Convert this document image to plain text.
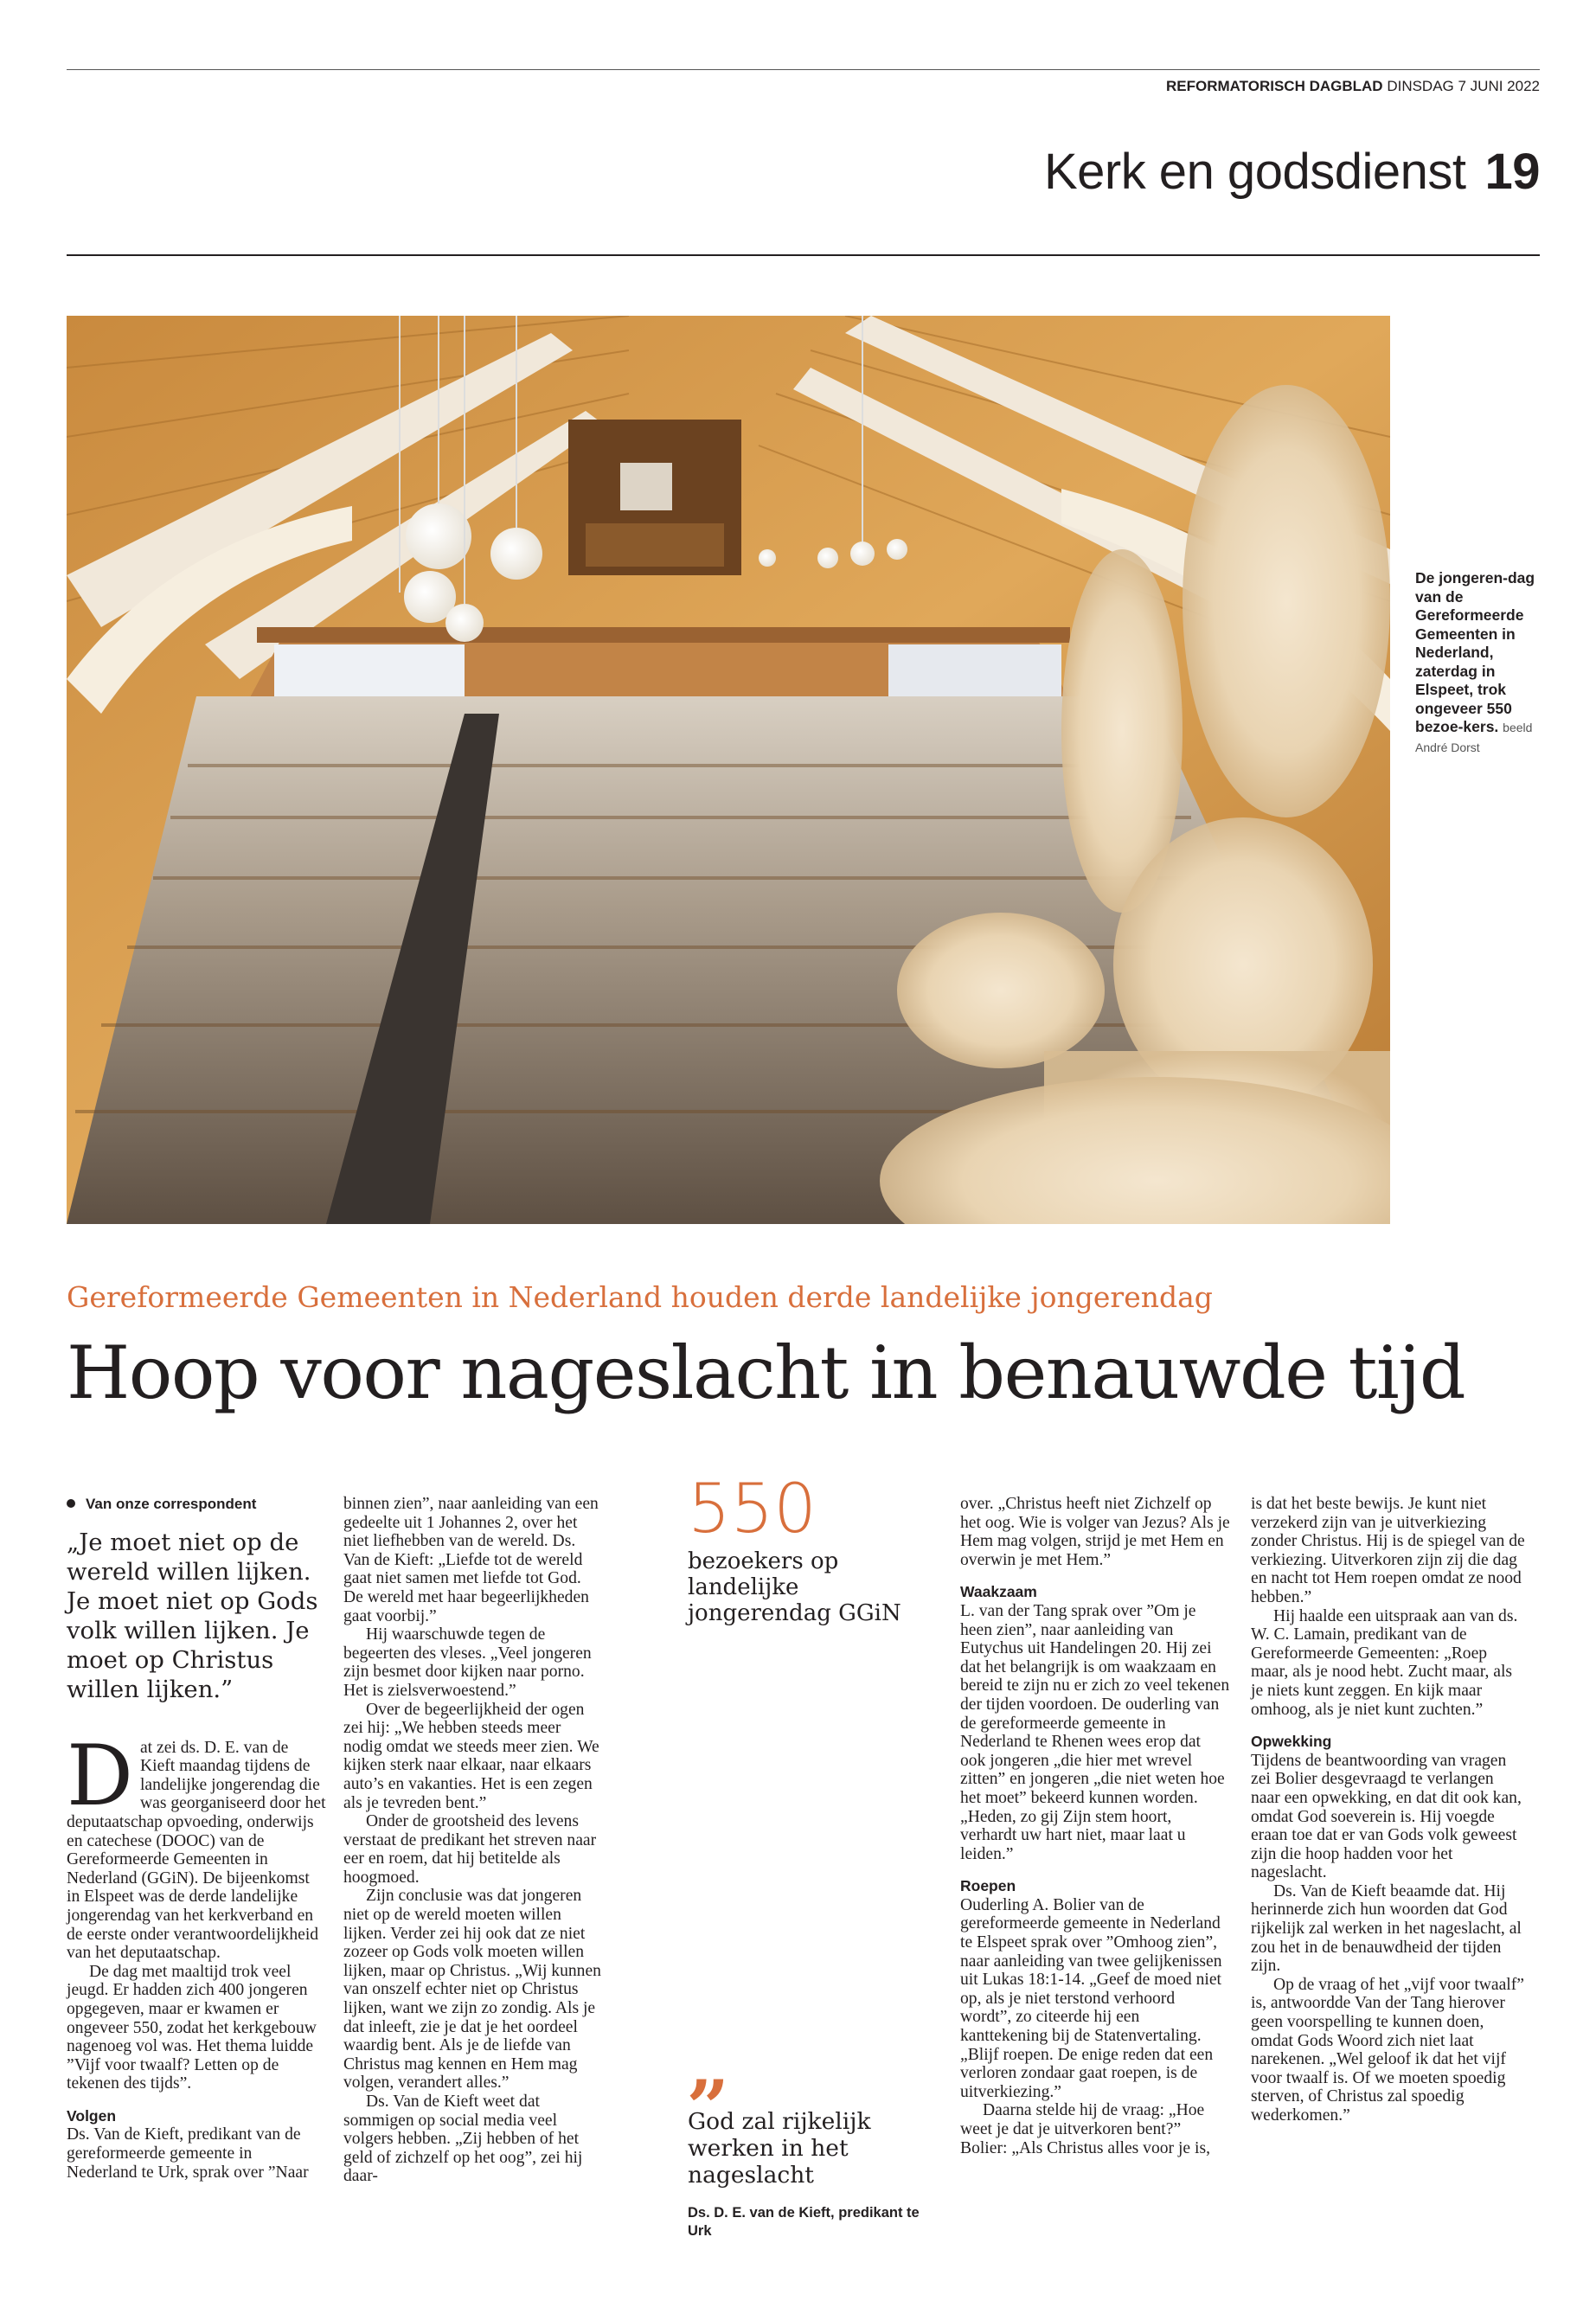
REFORMATORISCH DAGBLAD DINSDAG 7 JUNI 2022
Kerk en godsdienst 19
De jongeren-dag van de Gereformeerde Gemeenten in Nederland, zaterdag in Elspeet, trok ongeveer 550 bezoe-kers. beeld André Dorst
Gereformeerde Gemeenten in Nederland houden derde landelijke jongerendag
Hoop voor nageslacht in benauwde tijd
Van onze correspondent
„Je moet niet op de wereld willen lijken. Je moet niet op Gods volk willen lijken. Je moet op Christus willen lijken.”
D at zei ds. D. E. van de Kieft maandag tijdens de landelijke jongerendag die was georganiseerd door het deputaatschap opvoeding, onderwijs en catechese (DOOC) van de Gereformeerde Gemeenten in Nederland (GGiN). De bijeenkomst in Elspeet was de derde landelijke jongerendag van het kerkverband en de eerste onder verantwoordelijkheid van het deputaatschap.

De dag met maaltijd trok veel jeugd. Er hadden zich 400 jongeren opgegeven, maar er kwamen er ongeveer 550, zodat het kerkgebouw nagenoeg vol was. Het thema luidde ”Vijf voor twaalf? Letten op de tekenen des tijds”.

Volgen

Ds. Van de Kieft, predikant van de gereformeerde gemeente in Nederland te Urk, sprak over ”Naar

binnen zien”, naar aanleiding van een gedeelte uit 1 Johannes 2, over het niet liefhebben van de wereld. Ds. Van de Kieft: „Liefde tot de wereld gaat niet samen met liefde tot God. De wereld met haar begeerlijkheden gaat voorbij.”

Hij waarschuwde tegen de begeerten des vleses. „Veel jongeren zijn besmet door kijken naar porno. Het is zielsverwoestend.”

Over de begeerlijkheid der ogen zei hij: „We hebben steeds meer nodig omdat we steeds meer zien. We kijken sterk naar elkaar, naar elkaars auto’s en vakanties. Het is een zegen als je tevreden bent.”

Onder de grootsheid des levens verstaat de predikant het streven naar eer en roem, dat hij betitelde als hoogmoed.

Zijn conclusie was dat jongeren niet op de wereld moeten willen lijken. Verder zei hij ook dat ze niet zozeer op Gods volk moeten willen lijken, maar op Christus. „Wij kunnen van onszelf echter niet op Christus lijken, want we zijn zo zondig. Als je dat inleeft, zie je dat je het oordeel waardig bent. Als je de liefde van Christus mag kennen en Hem mag volgen, verandert alles.”

Ds. Van de Kieft weet dat sommigen op social media veel volgers hebben. „Zij hebben of het geld of zichzelf op het oog”, zei hij daar-

550
bezoekers op landelijke jongerendag GGiN
„
God zal rijkelijk werken in het nageslacht
Ds. D. E. van de Kieft, predikant te Urk

over. „Christus heeft niet Zichzelf op het oog. Wie is volger van Jezus? Als je Hem mag volgen, strijd je met Hem en overwin je met Hem.”

Waakzaam

L. van der Tang sprak over ”Om je heen zien”, naar aanleiding van Eutychus uit Handelingen 20. Hij zei dat het belangrijk is om waakzaam en bereid te zijn nu er zich zo veel tekenen der tijden voordoen. De ouderling van de gereformeerde gemeente in Nederland te Rhenen wees erop dat ook jongeren „die hier met wrevel zitten” en jongeren „die niet weten hoe het moet” bekeerd kunnen worden. „Heden, zo gij Zijn stem hoort, verhardt uw hart niet, maar laat u leiden.”

Roepen

Ouderling A. Bolier van de gereformeerde gemeente in Nederland te Elspeet sprak over ”Omhoog zien”, naar aanleiding van twee gelijkenissen uit Lukas 18:1-14. „Geef de moed niet op, als je niet terstond verhoord wordt”, zo citeerde hij een kanttekening bij de Statenvertaling. „Blijf roepen. De enige reden dat een verloren zondaar gaat roepen, is de uitverkiezing.”

Daarna stelde hij de vraag: „Hoe weet je dat je uitverkoren bent?” Bolier: „Als Christus alles voor je is,

is dat het beste bewijs. Je kunt niet verzekerd zijn van je uitverkiezing zonder Christus. Hij is de spiegel van de verkiezing. Uitverkoren zijn zij die dag en nacht tot Hem roepen omdat ze nood hebben.”

Hij haalde een uitspraak aan van ds. W. C. Lamain, predikant van de Gereformeerde Gemeenten: „Roep maar, als je nood hebt. Zucht maar, als je niets kunt zeggen. En kijk maar omhoog, als je niet kunt zuchten.”

Opwekking

Tijdens de beantwoording van vragen zei Bolier desgevraagd te verlangen naar een opwekking, en dat dit ook kan, omdat God soeverein is. Hij voegde eraan toe dat er van Gods volk geweest zijn die hoop hadden voor het nageslacht.

Ds. Van de Kieft beaamde dat. Hij herinnerde zich hun woorden dat God rijkelijk zal werken in het nageslacht, al zou het in de benauwdheid der tijden zijn.

Op de vraag of het „vijf voor twaalf” is, antwoordde Van der Tang hierover geen voorspelling te kunnen doen, omdat Gods Woord zich niet laat narekenen. „Wel geloof ik dat het vijf voor twaalf is. Of we moeten spoedig sterven, of Christus zal spoedig wederkomen.”
